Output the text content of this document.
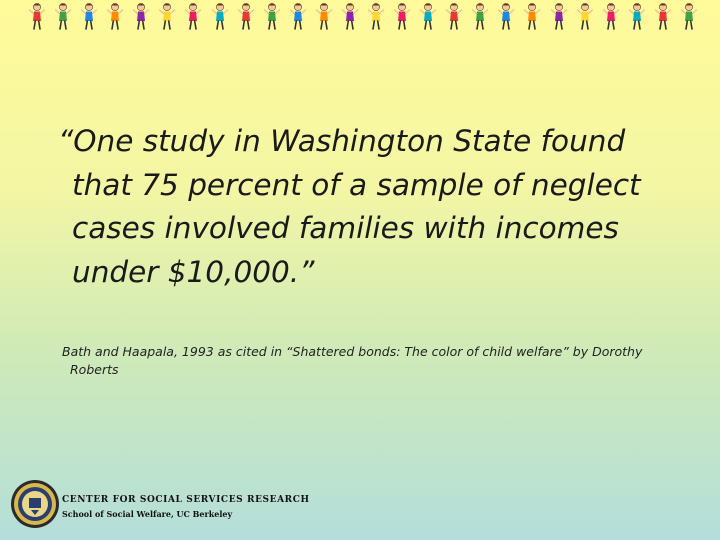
“One study in Washington State found that 75 percent of a sample of neglect cases involved families with incomes under $10,000.”
Bath and Haapala, 1993 as cited in “Shattered bonds: The color of child welfare” by Dorothy Roberts
CENTER FOR SOCIAL SERVICES RESEARCH
School of Social Welfare, UC Berkeley
